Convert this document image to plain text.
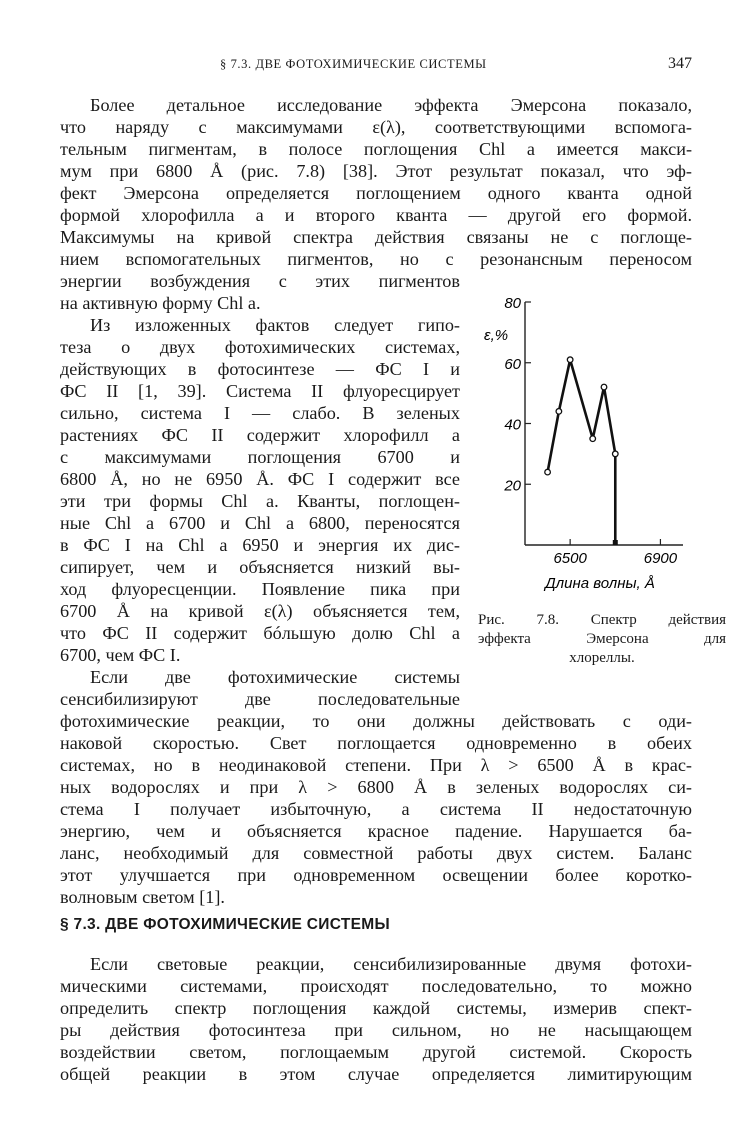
§ 7.3. ДВЕ ФОТОХИМИЧЕСКИЕ СИСТЕМЫ	347
Более детальное исследование эффекта Эмерсона показало,
что наряду с максимумами ε(λ), соответствующими вспомога-
тельным пигментам, в полосе поглощения Chl a имеется макси-
мум при 6800 Å (рис. 7.8) [38]. Этот результат показал, что эф-
фект Эмерсона определяется поглощением одного кванта одной
формой хлорофилла a и второго кванта — другой его формой.
Максимумы на кривой спектра действия связаны не с поглоще-
нием вспомогательных пигментов, но с резонансным переносом
энергии возбуждения с этих пигментов
на активную форму Chl a.
Из изложенных фактов следует гипо-
теза о двух фотохимических системах,
действующих в фотосинтезе — ФС I и
ФС II [1, 39]. Система II флуоресцирует
сильно, система I — слабо. В зеленых
растениях ФС II содержит хлорофилл a
с максимумами поглощения 6700 и
6800 Å, но не 6950 Å. ФС I содержит все
эти три формы Chl a. Кванты, поглощен-
ные Chl a 6700 и Chl a 6800, переносятся
в ФС I на Chl a 6950 и энергия их дис-
сипирует, чем и объясняется низкий вы-
ход флуоресценции. Появление пика при
6700 Å на кривой ε(λ) объясняется тем,
что ФС II содержит бóльшую долю Chl a
6700, чем ФС I.
Если две фотохимические системы
сенсибилизируют две последовательные
фотохимические реакции, то они должны действовать с оди-
наковой скоростью. Свет поглощается одновременно в обеих
системах, но в неодинаковой степени. При λ > 6500 Å в крас-
ных водорослях и при λ > 6800 Å в зеленых водорослях си-
стема I получает избыточную, а система II недостаточную
энергию, чем и объясняется красное падение. Нарушается ба-
ланс, необходимый для совместной работы двух систем. Баланс
этот улучшается при одновременном освещении более коротко-
волновым светом [1].
§ 7.3. ДВЕ ФОТОХИМИЧЕСКИЕ СИСТЕМЫ
Если световые реакции, сенсибилизированные двумя фотохи-
мическими системами, происходят последовательно, то можно
определить спектр поглощения каждой системы, измерив спект-
ры действия фотосинтеза при сильном, но не насыщающем
воздействии светом, поглощаемым другой системой. Скорость
общей реакции в этом случае определяется лимитирующим
20
40
60
80
6500	6900
ε,%
Длина волны, Å
Рис. 7.8. Спектр действия
эффекта Эмерсона для
хлореллы.
